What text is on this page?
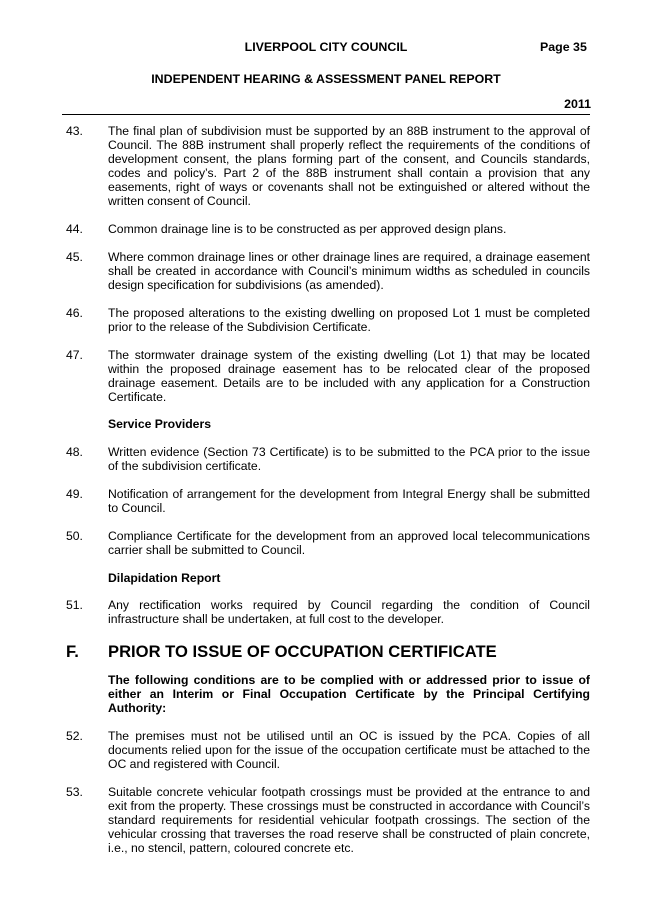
LIVERPOOL CITY COUNCIL	Page 35
INDEPENDENT HEARING & ASSESSMENT PANEL REPORT
2011
43.	The final plan of subdivision must be supported by an 88B instrument to the approval of Council. The 88B instrument shall properly reflect the requirements of the conditions of development consent, the plans forming part of the consent, and Councils standards, codes and policy’s. Part 2 of the 88B instrument shall contain a provision that any easements, right of ways or covenants shall not be extinguished or altered without the written consent of Council.
44.	Common drainage line is to be constructed as per approved design plans.
45.	Where common drainage lines or other drainage lines are required, a drainage easement shall be created in accordance with Council’s minimum widths as scheduled in councils design specification for subdivisions (as amended).
46.	The proposed alterations to the existing dwelling on proposed Lot 1 must be completed prior to the release of the Subdivision Certificate.
47.	The stormwater drainage system of the existing dwelling (Lot 1) that may be located within the proposed drainage easement has to be relocated clear of the proposed drainage easement. Details are to be included with any application for a Construction Certificate.
Service Providers
48.	Written evidence (Section 73 Certificate) is to be submitted to the PCA prior to the issue of the subdivision certificate.
49.	Notification of arrangement for the development from Integral Energy shall be submitted to Council.
50.	Compliance Certificate for the development from an approved local telecommunications carrier shall be submitted to Council.
Dilapidation Report
51.	Any rectification works required by Council regarding the condition of Council infrastructure shall be undertaken, at full cost to the developer.
F.	PRIOR TO ISSUE OF OCCUPATION CERTIFICATE
The following conditions are to be complied with or addressed prior to issue of either an Interim or Final Occupation Certificate by the Principal Certifying Authority:
52.	The premises must not be utilised until an OC is issued by the PCA. Copies of all documents relied upon for the issue of the occupation certificate must be attached to the OC and registered with Council.
53.	Suitable concrete vehicular footpath crossings must be provided at the entrance to and exit from the property. These crossings must be constructed in accordance with Council’s standard requirements for residential vehicular footpath crossings. The section of the vehicular crossing that traverses the road reserve shall be constructed of plain concrete, i.e., no stencil, pattern, coloured concrete etc.
